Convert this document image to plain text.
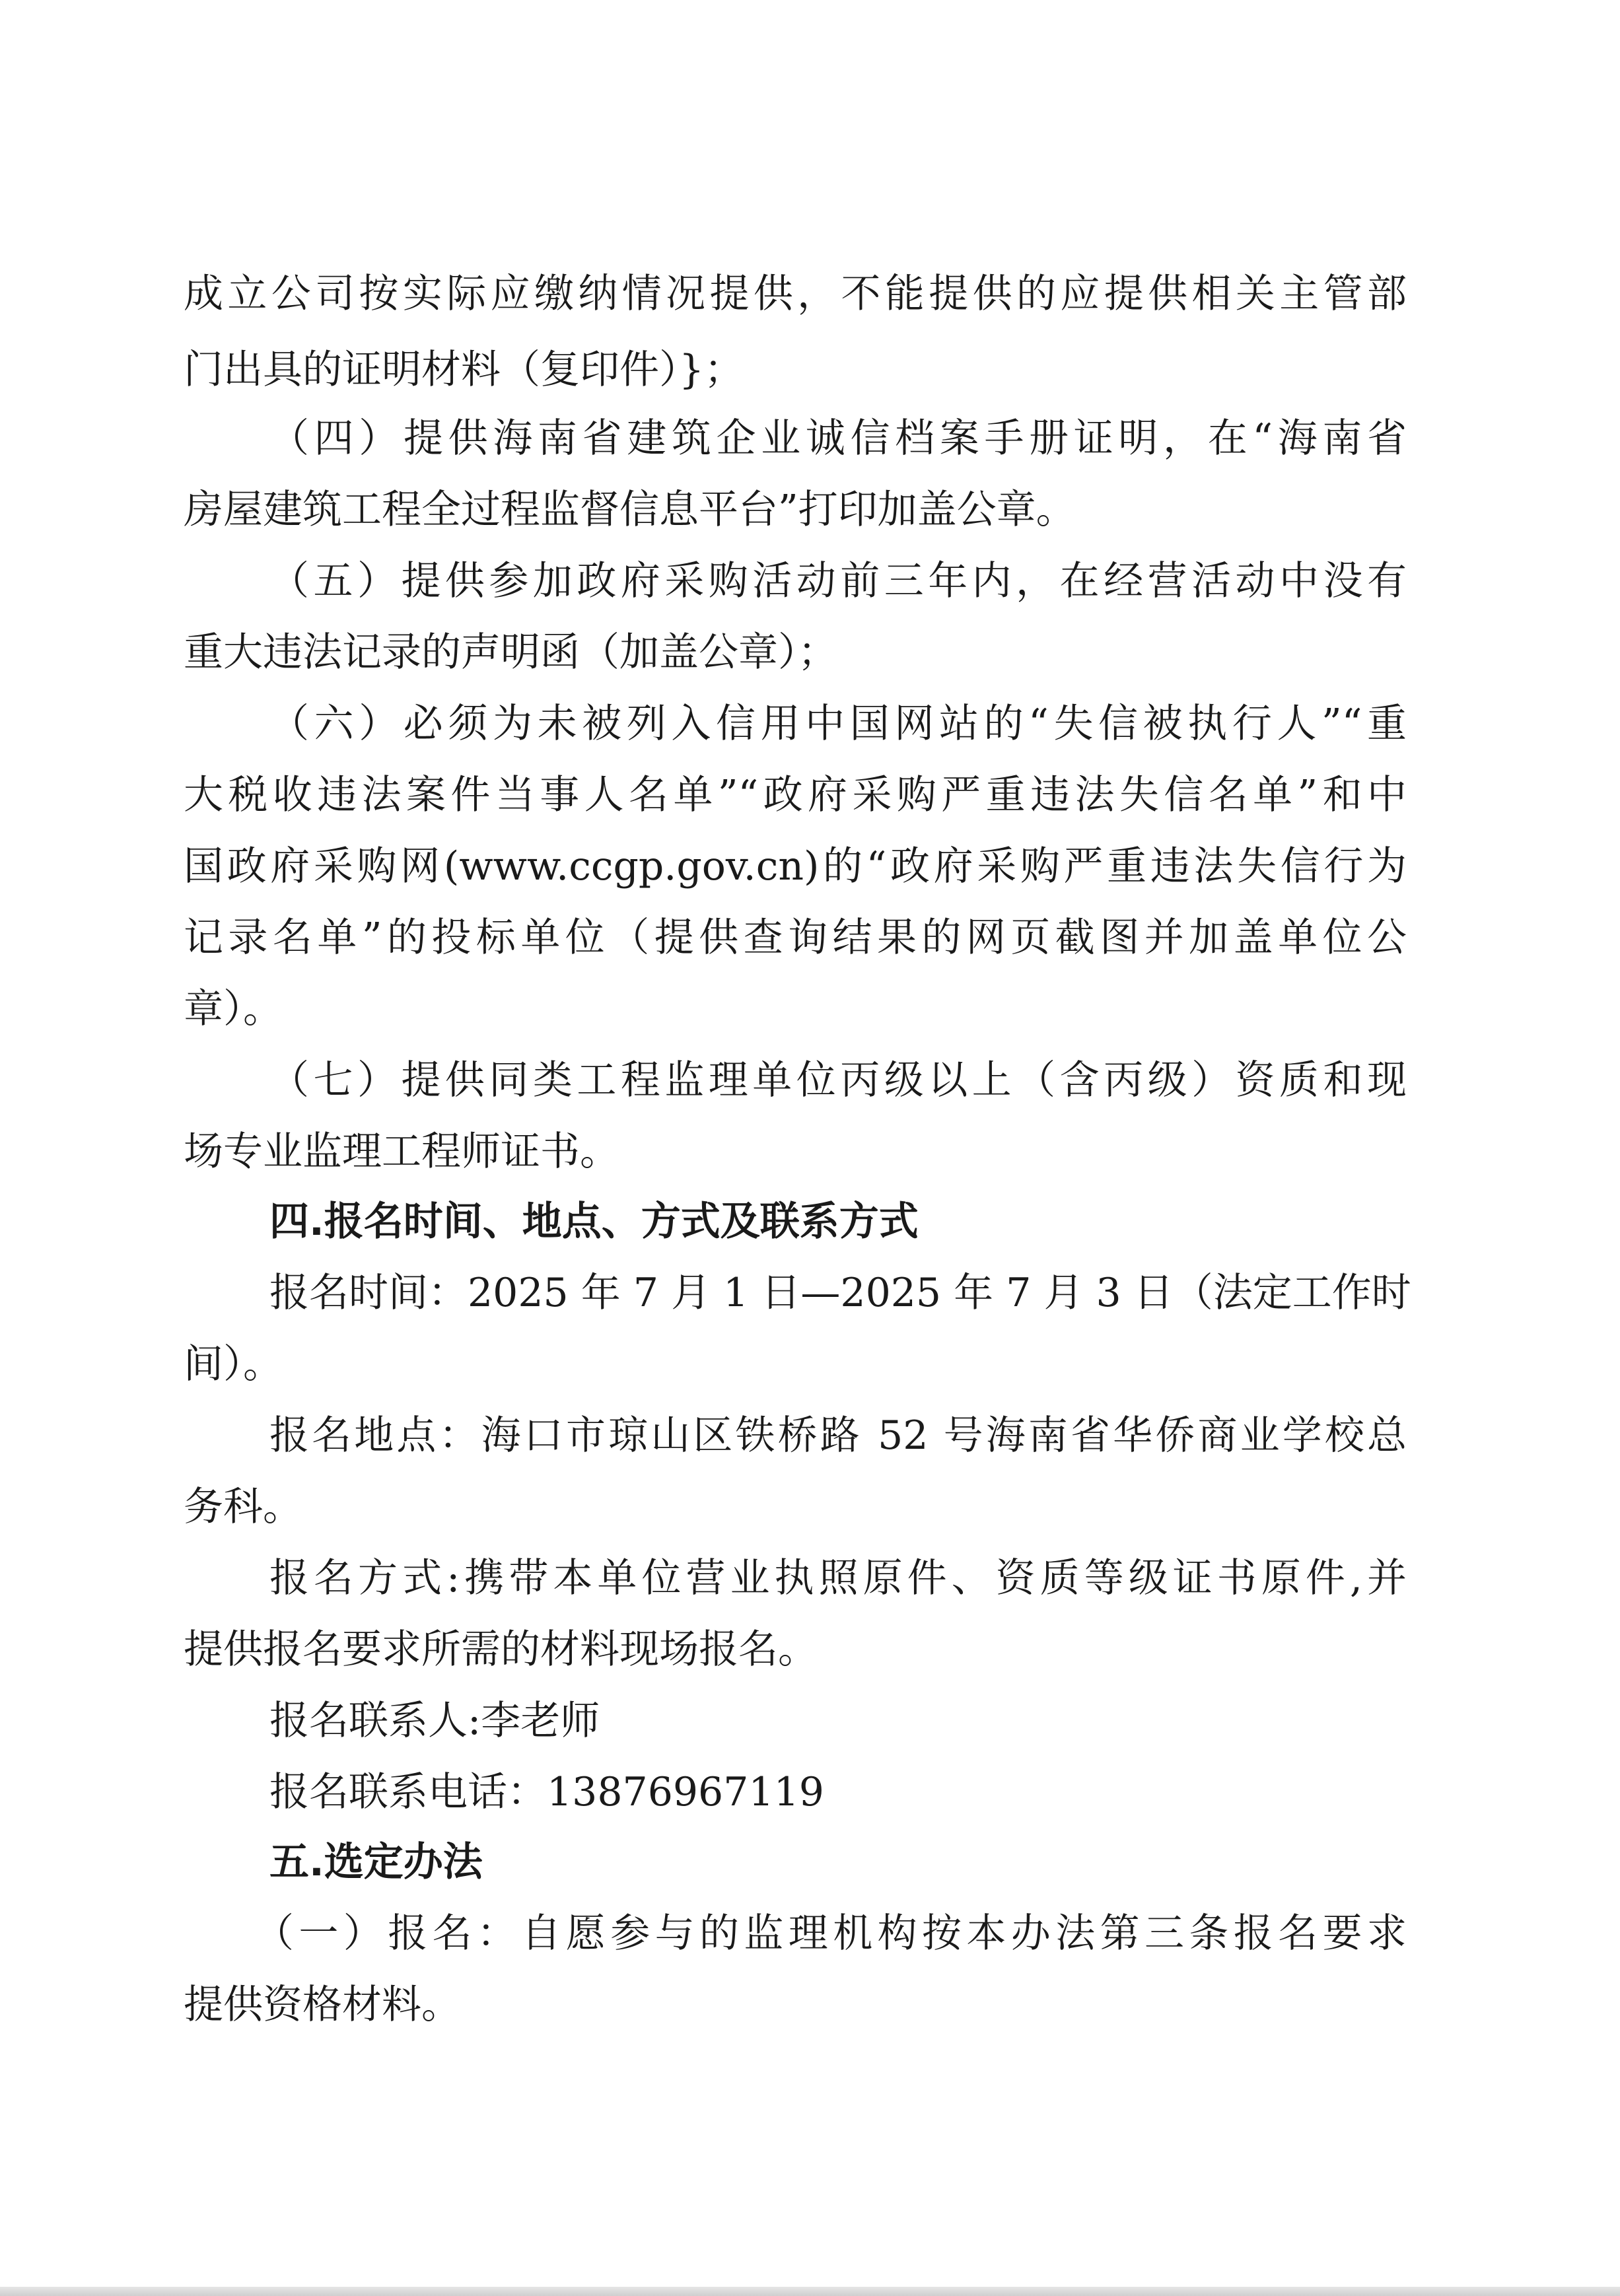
成立公司按实际应缴纳情况提供，不能提供的应提供相关主管部
门出具的证明材料（复印件）}；
（四）提供海南省建筑企业诚信档案手册证明，在“海南省
房屋建筑工程全过程监督信息平台”打印加盖公章。
（五）提供参加政府采购活动前三年内，在经营活动中没有
重大违法记录的声明函（加盖公章）；
（六）必须为未被列入信用中国网站的“失信被执行人”“重
大税收违法案件当事人名单”“政府采购严重违法失信名单”和中
国政府采购网(www.ccgp.gov.cn)的“政府采购严重违法失信行为
记录名单”的投标单位（提供查询结果的网页截图并加盖单位公
章）。
（七）提供同类工程监理单位丙级以上（含丙级）资质和现
场专业监理工程师证书。
四.报名时间、地点、方式及联系方式
报名时间：2025 年 7 月 1 日—2025 年 7 月 3 日（法定工作时
间）。
报名地点：海口市琼山区铁桥路 52 号海南省华侨商业学校总
务科。
报名方式:携带本单位营业执照原件、资质等级证书原件,并
提供报名要求所需的材料现场报名。
报名联系人:李老师
报名联系电话：13876967119
五.选定办法
（一）报名：自愿参与的监理机构按本办法第三条报名要求
提供资格材料。
